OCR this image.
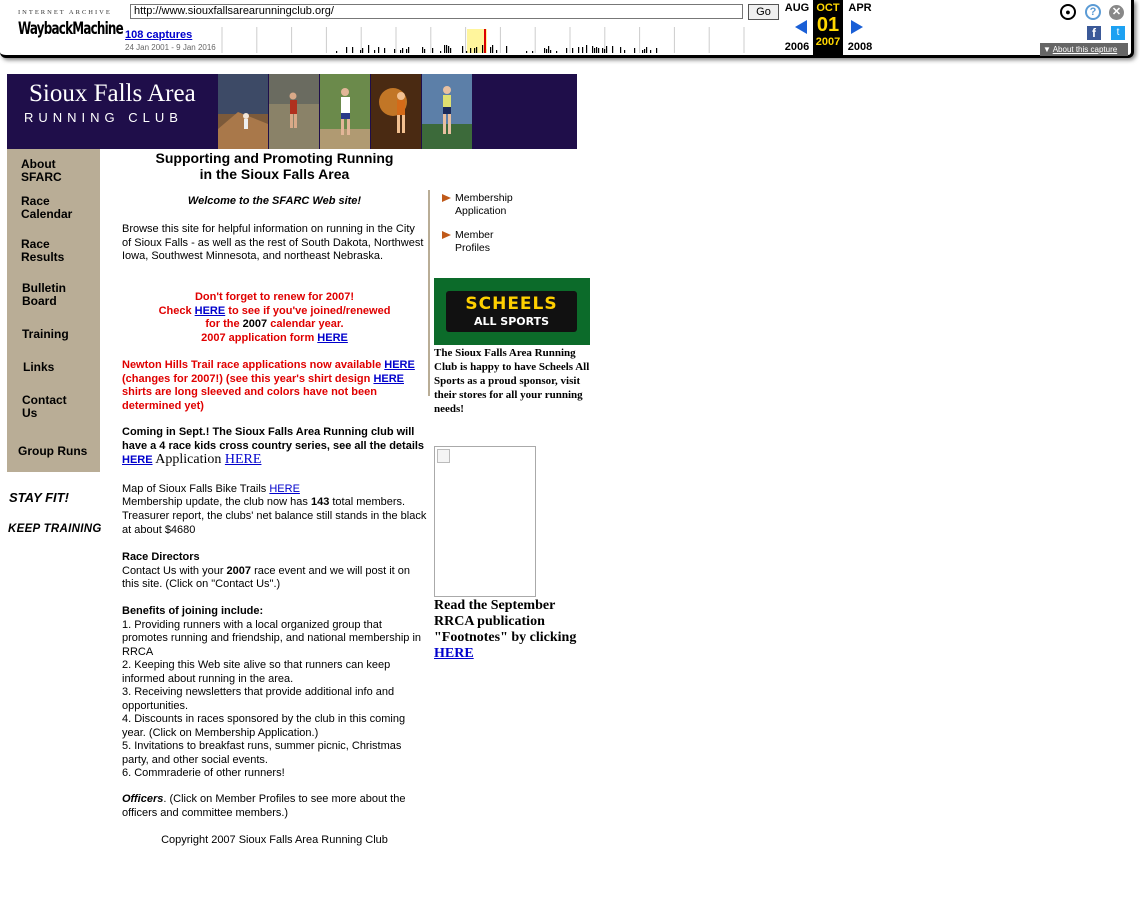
INTERNET ARCHIVE
WaybackMachine
http://www.siouxfallsarearunningclub.org/	Go
108 captures
24 Jan 2001 - 9 Jan 2016
AUG OCT
01
2007
APR
2006	2008
●	?	✕
f	t
▼ About this capture
Sioux Falls Area
RUNNING CLUB
About
SFARC
Race
Calendar
Race
Results
Bulletin
Board
Training
Links
Contact
Us
Group Runs
STAY FIT!
KEEP TRAINING
Supporting and Promoting Running
in the Sioux Falls Area

Welcome to the SFARC Web site!

Browse this site for helpful information on running in the City of Sioux Falls - as well as the rest of South Dakota, Northwest Iowa, Southwest Minnesota, and northeast Nebraska.

Don't forget to renew for 2007!
Check HERE to see if you've joined/renewed
for the 2007 calendar year.
2007 application form HERE
Newton Hills Trail race applications now available HERE (changes for 2007!) (see this year's shirt design HERE shirts are long sleeved and colors have not been determined yet)
Coming in Sept.! The Sioux Falls Area Running club will have a 4 race kids cross country series, see all the details HERE Application HERE
Map of Sioux Falls Bike Trails HERE
Membership update, the club now has 143 total members.
Treasurer report, the clubs' net balance still stands in the black at about $4680
Race Directors
Contact Us with your 2007 race event and we will post it on this site. (Click on "Contact Us".)
Benefits of joining include:
1. Providing runners with a local organized group that promotes running and friendship, and national membership in RRCA
2. Keeping this Web site alive so that runners can keep informed about running in the area.
3. Receiving newsletters that provide additional info and opportunities.
4. Discounts in races sponsored by the club in this coming year. (Click on Membership Application.)
5. Invitations to breakfast runs, summer picnic, Christmas party, and other social events.
6. Commraderie of other runners!
Officers. (Click on Member Profiles to see more about the officers and committee members.)
Copyright 2007 Sioux Falls Area Running Club
Membership
Application
Member
Profiles
SCHEELS
ALL SPORTS
The Sioux Falls Area Running Club is happy to have Scheels All Sports as a proud sponsor, visit their stores for all your running needs!
Read the September RRCA publication "Footnotes" by clicking HERE
